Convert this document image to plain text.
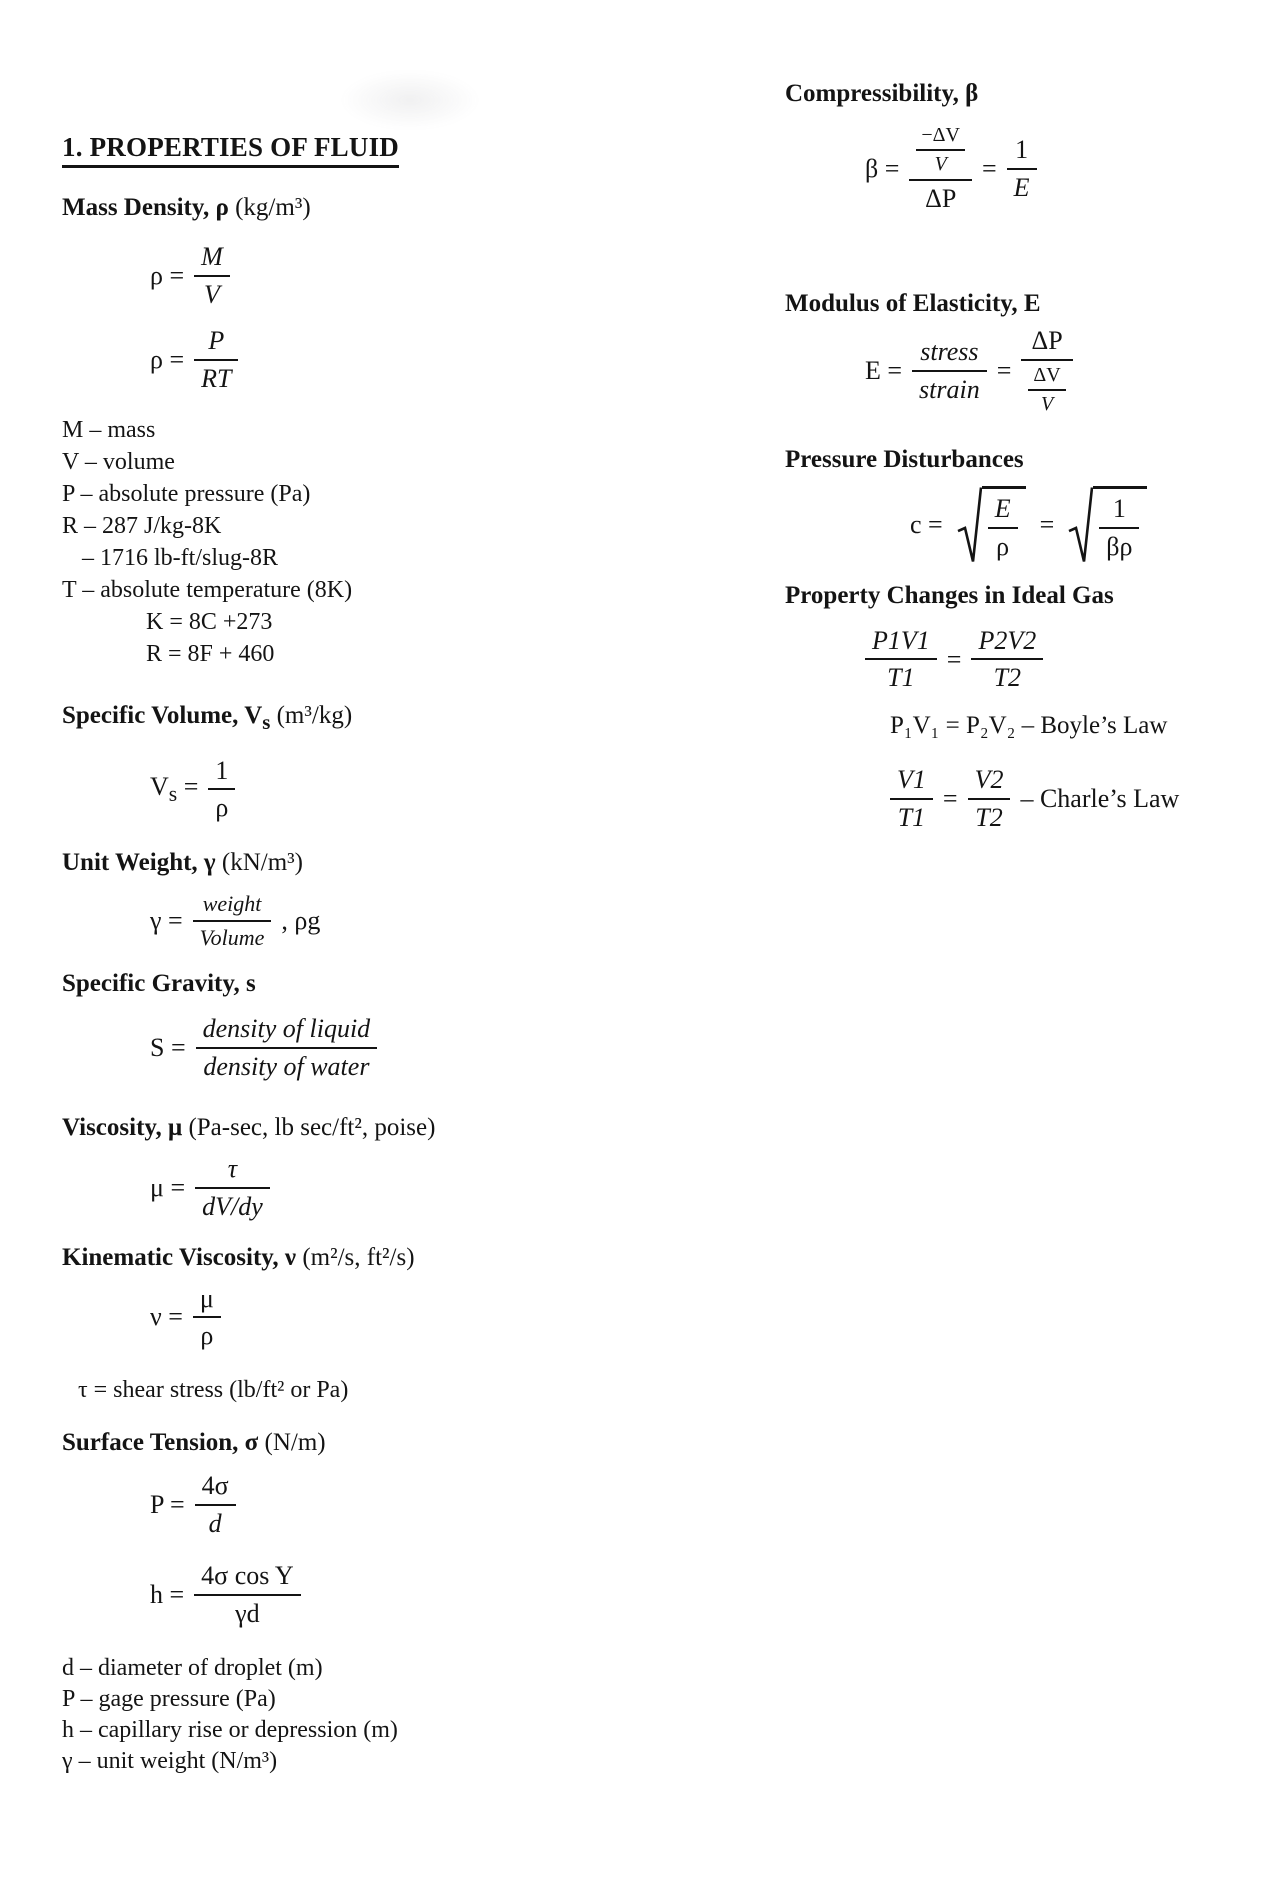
1. PROPERTIES OF FLUID
Mass Density, ρ (kg/m³)
$\rho = \frac{M}{V}$
$\rho = \frac{P}{RT}$
M – mass
V – volume
P – absolute pressure (Pa)
R – 287 J/kg-8K
– 1716 lb-ft/slug-8R
T – absolute temperature (8K)
K = 8C +273
R = 8F + 460
Specific Volume, $V_s$ (m³/kg)
$V_s = \frac{1}{\rho}$
Unit Weight, γ (kN/m³)
$\gamma = \frac{\text{weight}}{\text{Volume}}$ , ρg
Specific Gravity, s
$S = \frac{\text{density of liquid}}{\text{density of water}}$
Viscosity, μ (Pa-sec, lb sec/ft², poise)
$\mu = \frac{\tau}{dV/dy}$
Kinematic Viscosity, ν (m²/s, ft²/s)
$\nu = \frac{\mu}{\rho}$
τ = shear stress (lb/ft² or Pa)
Surface Tension, σ (N/m)
$P = \frac{4\sigma}{d}$
$h = \frac{\text{4σ cos Y}}{\gamma d}$
d – diameter of droplet (m)
P – gage pressure (Pa)
h – capillary rise or depression (m)
γ – unit weight (N/m³)
Compressibility, β
$\beta = \frac{\frac{-\Delta V}{V}}{\Delta P} = \frac{1}{E}$
Modulus of Elasticity, E
$E = \frac{\text{stress}}{\text{strain}} = \frac{\Delta P}{\frac{\Delta V}{V}}$
Pressure Disturbances
$c = \frac{E}{\rho} = \frac{1}{\beta\rho}$
Property Changes in Ideal Gas
$\frac{P1V1}{T1} = \frac{P2V2}{T2}$
P₁V₁ = P₂V₂ – Boyle’s Law
$\frac{V1}{T1} = \frac{V2}{T2}$ – Charle’s Law
